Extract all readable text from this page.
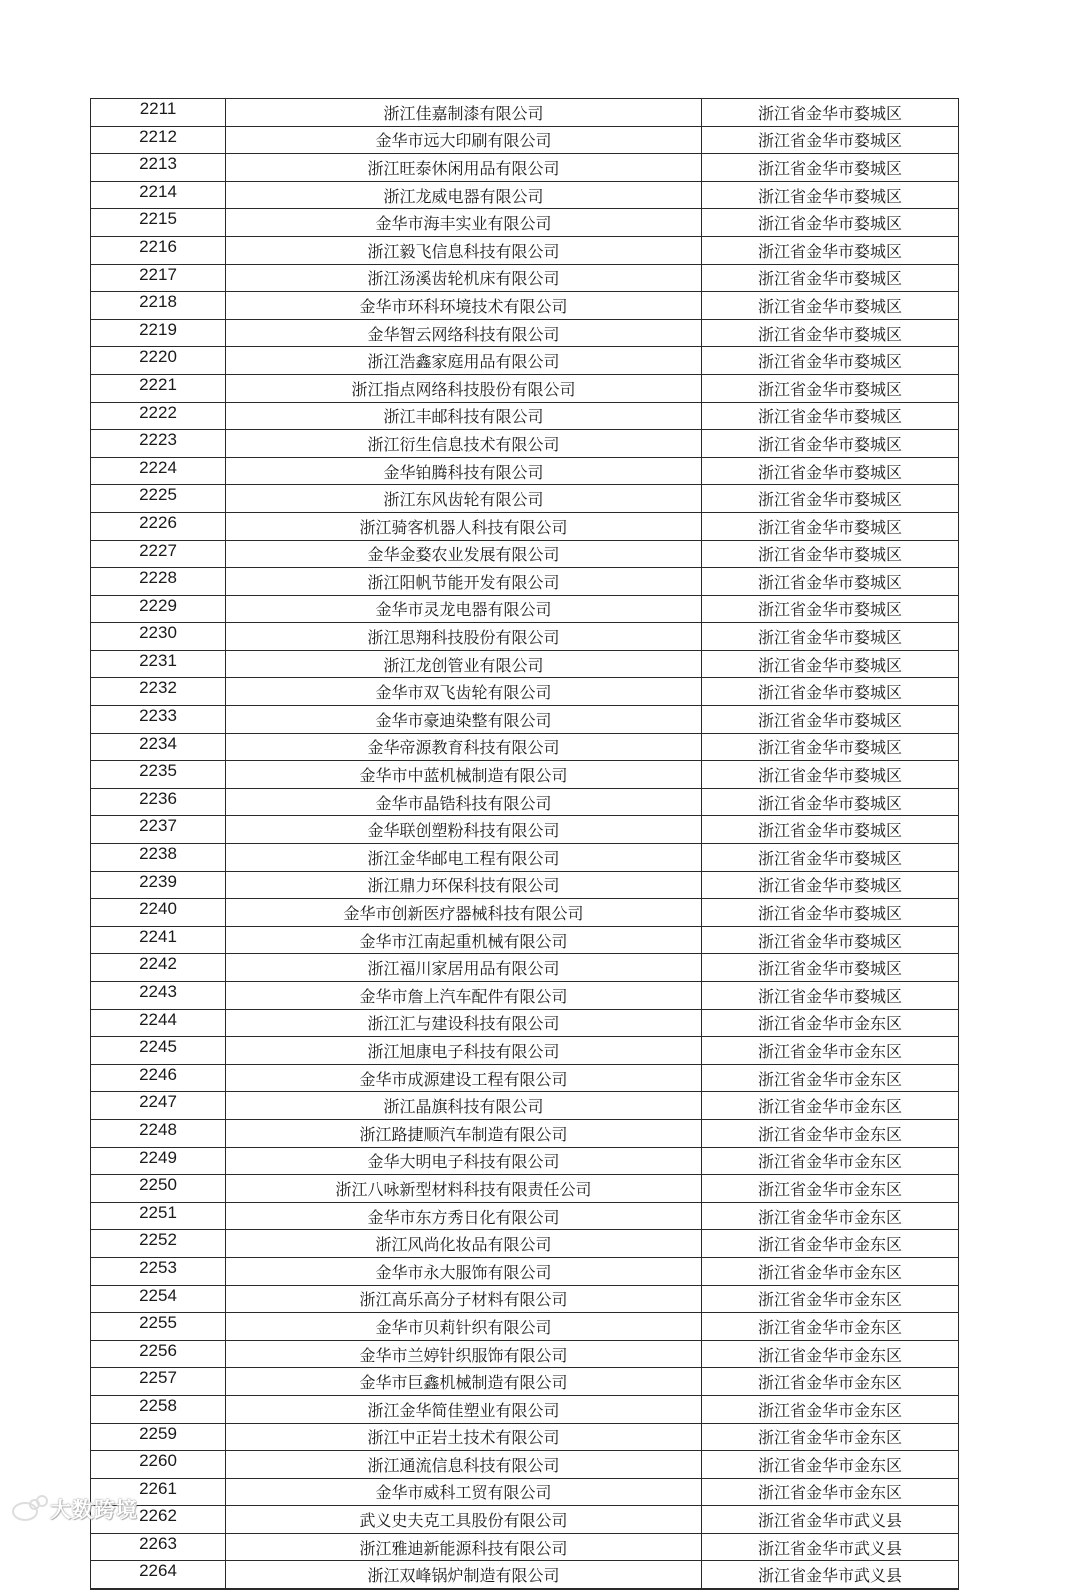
2211	浙江佳嘉制漆有限公司	浙江省金华市婺城区
2212	金华市远大印刷有限公司	浙江省金华市婺城区
2213	浙江旺泰休闲用品有限公司	浙江省金华市婺城区
2214	浙江龙威电器有限公司	浙江省金华市婺城区
2215	金华市海丰实业有限公司	浙江省金华市婺城区
2216	浙江毅飞信息科技有限公司	浙江省金华市婺城区
2217	浙江汤溪齿轮机床有限公司	浙江省金华市婺城区
2218	金华市环科环境技术有限公司	浙江省金华市婺城区
2219	金华智云网络科技有限公司	浙江省金华市婺城区
2220	浙江浩鑫家庭用品有限公司	浙江省金华市婺城区
2221	浙江指点网络科技股份有限公司	浙江省金华市婺城区
2222	浙江丰邮科技有限公司	浙江省金华市婺城区
2223	浙江衍生信息技术有限公司	浙江省金华市婺城区
2224	金华铂腾科技有限公司	浙江省金华市婺城区
2225	浙江东风齿轮有限公司	浙江省金华市婺城区
2226	浙江骑客机器人科技有限公司	浙江省金华市婺城区
2227	金华金婺农业发展有限公司	浙江省金华市婺城区
2228	浙江阳帆节能开发有限公司	浙江省金华市婺城区
2229	金华市灵龙电器有限公司	浙江省金华市婺城区
2230	浙江思翔科技股份有限公司	浙江省金华市婺城区
2231	浙江龙创管业有限公司	浙江省金华市婺城区
2232	金华市双飞齿轮有限公司	浙江省金华市婺城区
2233	金华市豪迪染整有限公司	浙江省金华市婺城区
2234	金华帝源教育科技有限公司	浙江省金华市婺城区
2235	金华市中蓝机械制造有限公司	浙江省金华市婺城区
2236	金华市晶锆科技有限公司	浙江省金华市婺城区
2237	金华联创塑粉科技有限公司	浙江省金华市婺城区
2238	浙江金华邮电工程有限公司	浙江省金华市婺城区
2239	浙江鼎力环保科技有限公司	浙江省金华市婺城区
2240	金华市创新医疗器械科技有限公司	浙江省金华市婺城区
2241	金华市江南起重机械有限公司	浙江省金华市婺城区
2242	浙江福川家居用品有限公司	浙江省金华市婺城区
2243	金华市詹上汽车配件有限公司	浙江省金华市婺城区
2244	浙江汇与建设科技有限公司	浙江省金华市金东区
2245	浙江旭康电子科技有限公司	浙江省金华市金东区
2246	金华市成源建设工程有限公司	浙江省金华市金东区
2247	浙江晶旗科技有限公司	浙江省金华市金东区
2248	浙江路捷顺汽车制造有限公司	浙江省金华市金东区
2249	金华大明电子科技有限公司	浙江省金华市金东区
2250	浙江八咏新型材料科技有限责任公司	浙江省金华市金东区
2251	金华市东方秀日化有限公司	浙江省金华市金东区
2252	浙江风尚化妆品有限公司	浙江省金华市金东区
2253	金华市永大服饰有限公司	浙江省金华市金东区
2254	浙江高乐高分子材料有限公司	浙江省金华市金东区
2255	金华市贝莉针织有限公司	浙江省金华市金东区
2256	金华市兰婷针织服饰有限公司	浙江省金华市金东区
2257	金华市巨鑫机械制造有限公司	浙江省金华市金东区
2258	浙江金华简佳塑业有限公司	浙江省金华市金东区
2259	浙江中正岩土技术有限公司	浙江省金华市金东区
2260	浙江通流信息科技有限公司	浙江省金华市金东区
2261	金华市威科工贸有限公司	浙江省金华市金东区
2262	武义史夫克工具股份有限公司	浙江省金华市武义县
2263	浙江雅迪新能源科技有限公司	浙江省金华市武义县
2264	浙江双峰锅炉制造有限公司	浙江省金华市武义县
大数跨境
